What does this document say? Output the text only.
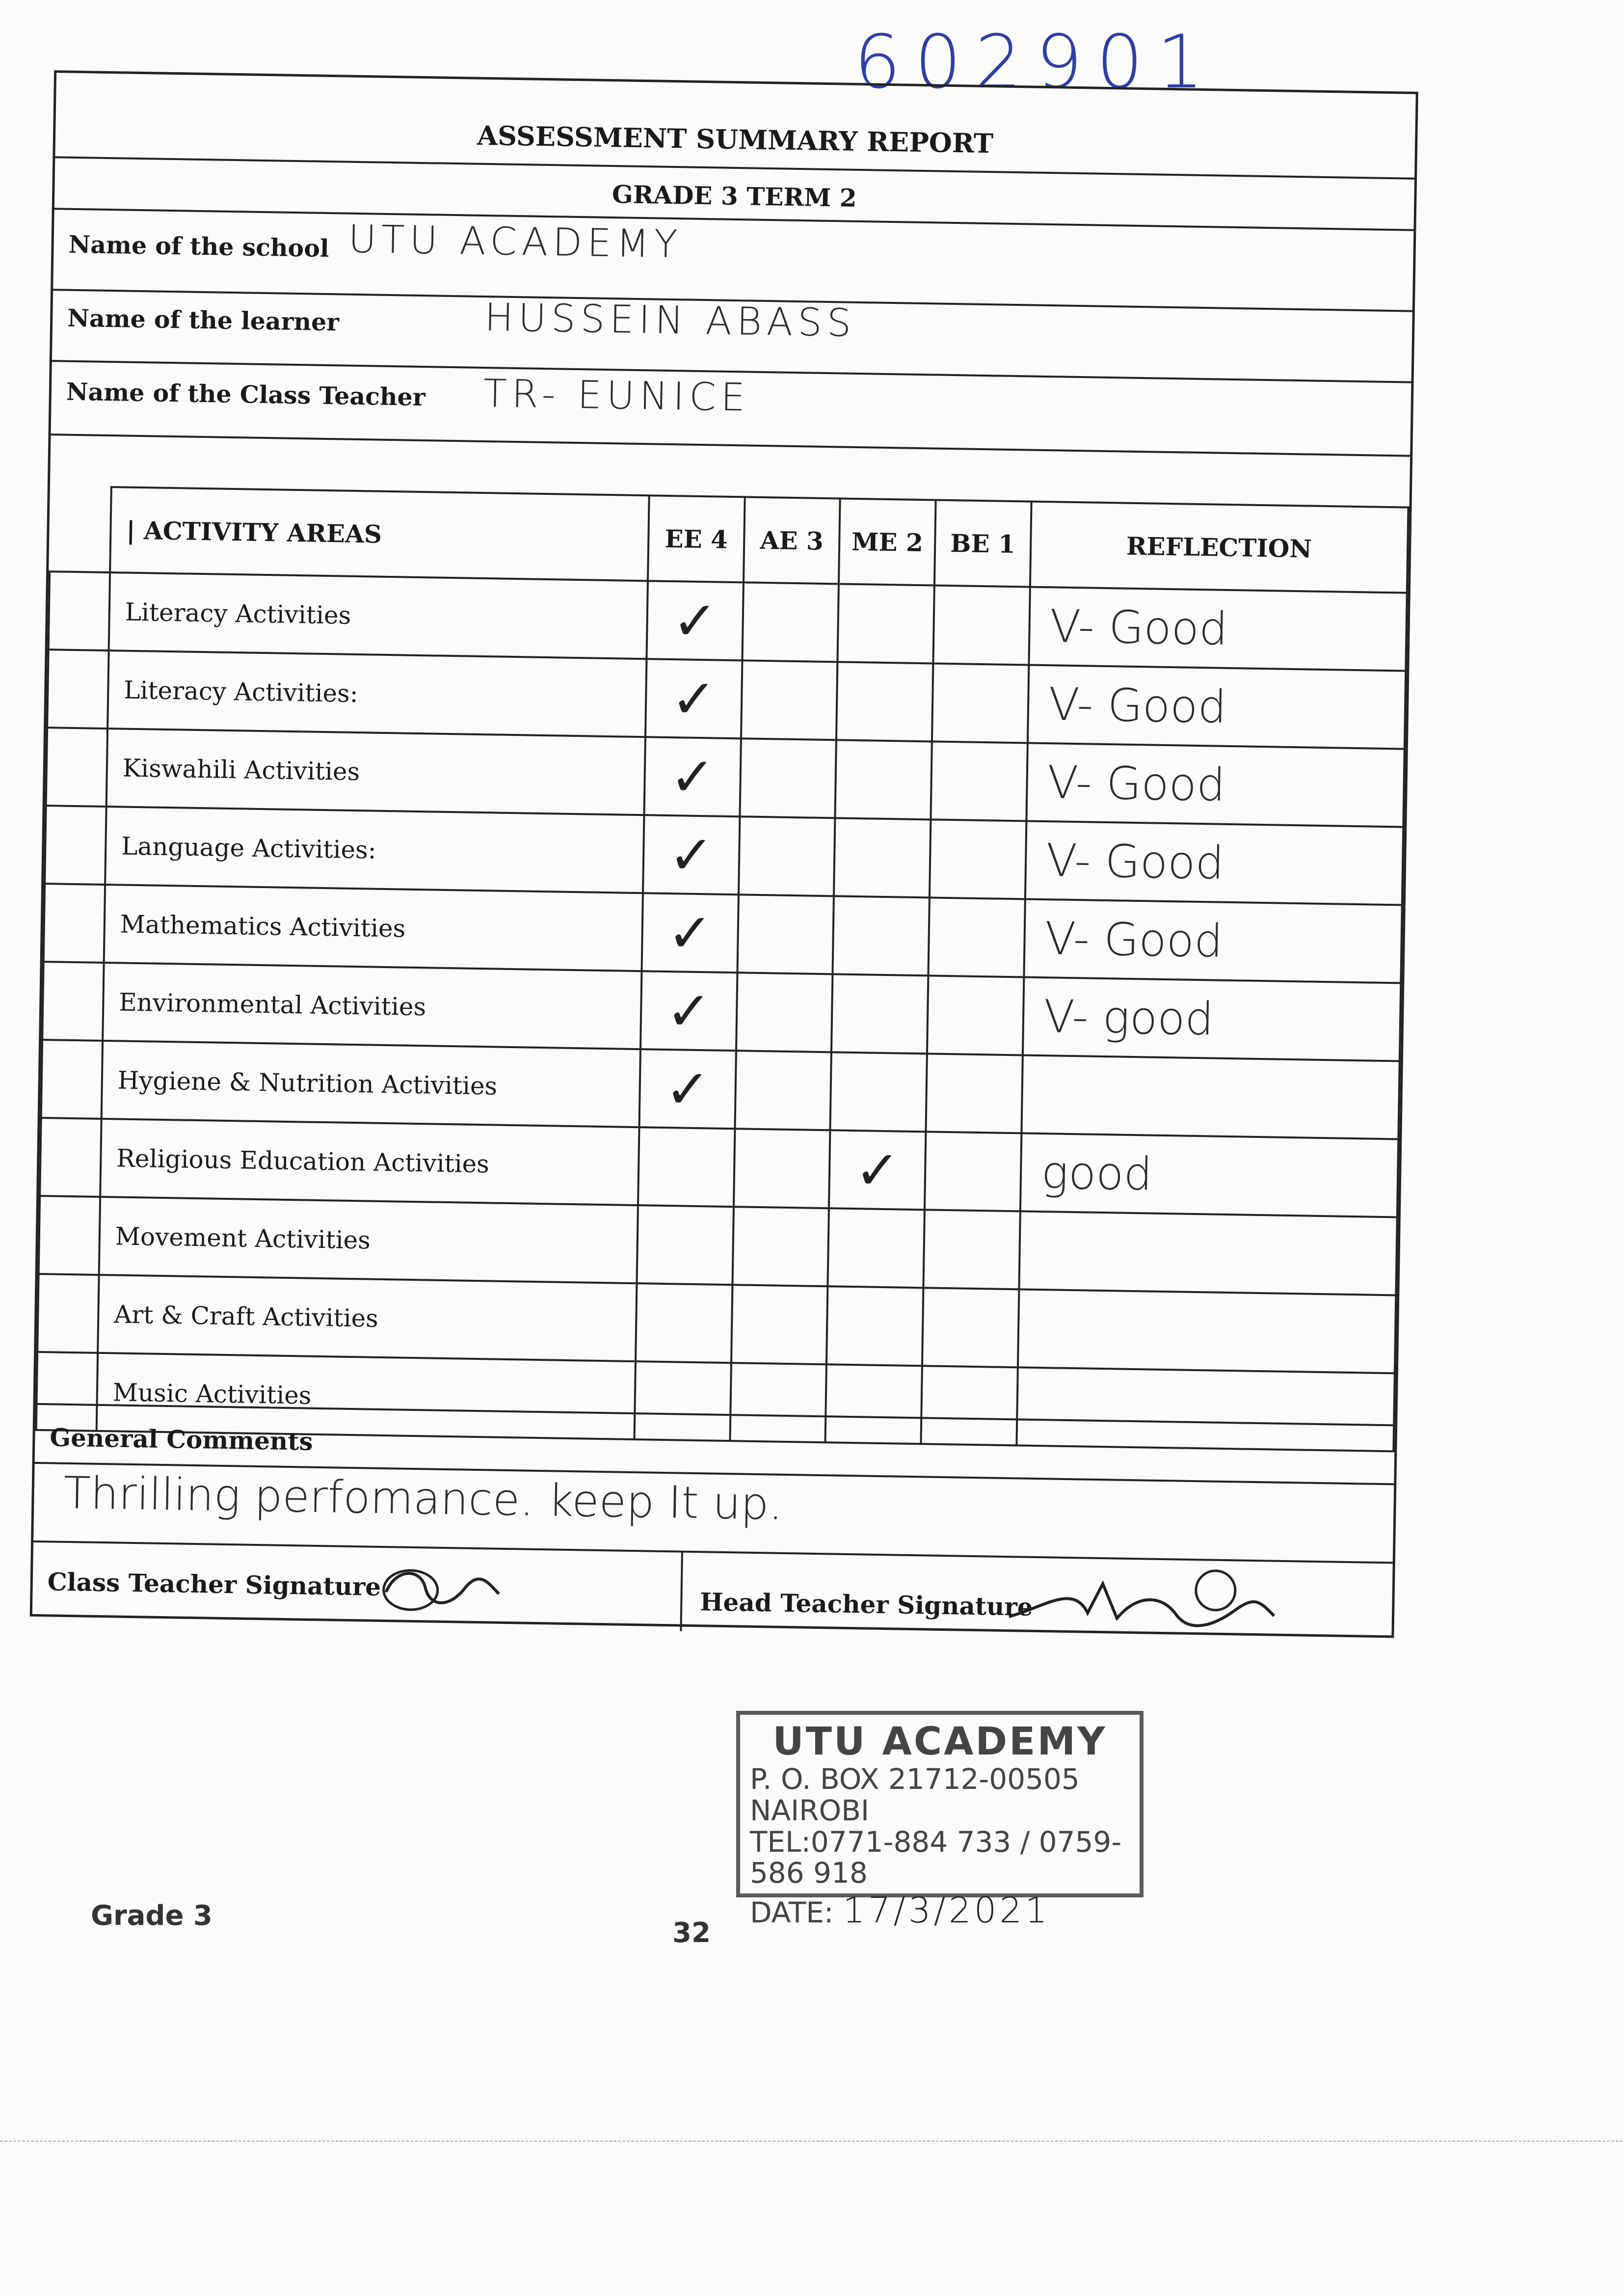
602901
ASSESSMENT SUMMARY REPORT
GRADE 3 TERM 2
Name of the school UTU ACADEMY
Name of the learner	HUSSEIN ABASS
Name of the Class Teacher TR- EUNICE
	| ACTIVITY AREAS	EE 4	AE 3	ME 2	BE 1	REFLECTION
	Literacy Activities	✓				V- Good
	Literacy Activities:	✓				V- Good
	Kiswahili Activities	✓				V- Good
	Language Activities:	✓				V- Good
	Mathematics Activities	✓				V- Good
	Environmental Activities	✓				V- good
	Hygiene & Nutrition Activities	✓				
	Religious Education Activities			✓		good
	Movement Activities					
	Art & Craft Activities					
	Music Activities					
General Comments
Thrilling perfomance. keep It up.
Class Teacher Signature
Head Teacher Signature
UTU ACADEMY
P. O. BOX 21712-00505 NAIROBI
TEL:0771-884 733 / 0759-586 918
DATE: 17/3/2021
Grade 3
32
